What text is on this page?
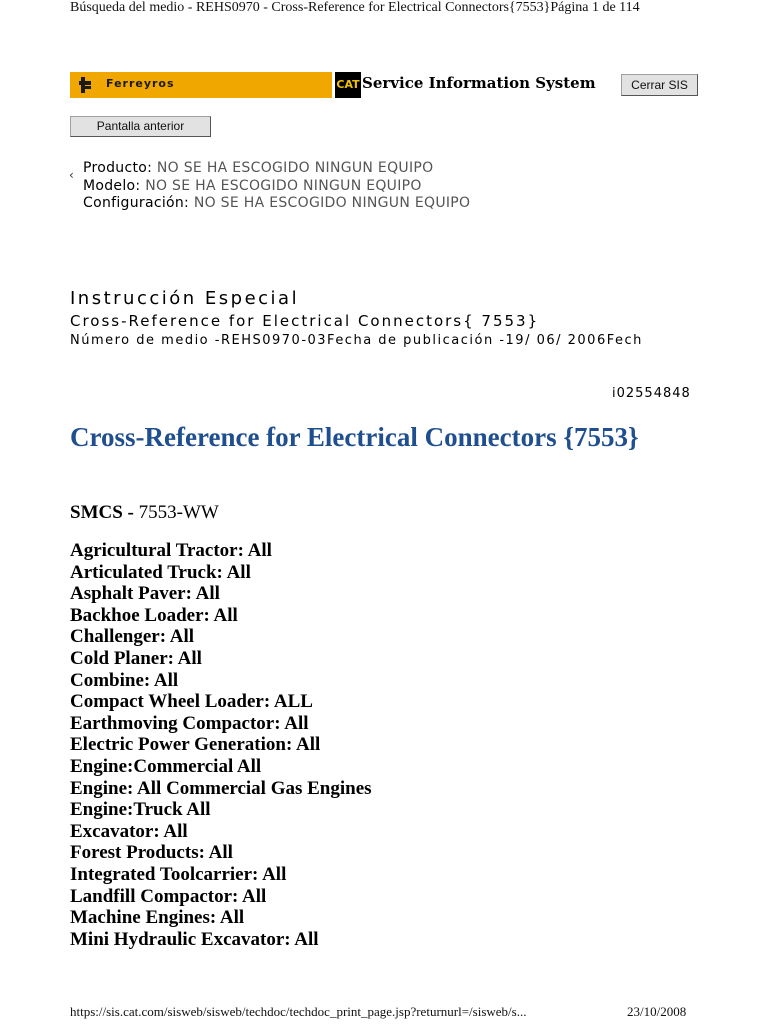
Búsqueda del medio - REHS0970 - Cross-Reference for Electrical Connectors{7553}Página 1 de 114
Ferreyros	CAT Service Information System	Cerrar SIS
Pantalla anterior
‹ Producto: NO SE HA ESCOGIDO NINGUN EQUIPO
Modelo: NO SE HA ESCOGIDO NINGUN EQUIPO
Configuración: NO SE HA ESCOGIDO NINGUN EQUIPO
Instrucción Especial
Cross-Reference for Electrical Connectors{ 7553}
Número de medio -REHS0970-03Fecha de publicación -19/ 06/ 2006Fech
i02554848
Cross-Reference for Electrical Connectors {7553}
SMCS - 7553-WW
Agricultural Tractor: All
Articulated Truck: All
Asphalt Paver: All
Backhoe Loader: All
Challenger: All
Cold Planer: All
Combine: All
Compact Wheel Loader: ALL
Earthmoving Compactor: All
Electric Power Generation: All
Engine:Commercial All
Engine: All Commercial Gas Engines
Engine:Truck All
Excavator: All
Forest Products: All
Integrated Toolcarrier: All
Landfill Compactor: All
Machine Engines: All
Mini Hydraulic Excavator: All
https://sis.cat.com/sisweb/sisweb/techdoc/techdoc_print_page.jsp?returnurl=/sisweb/s...	23/10/2008
